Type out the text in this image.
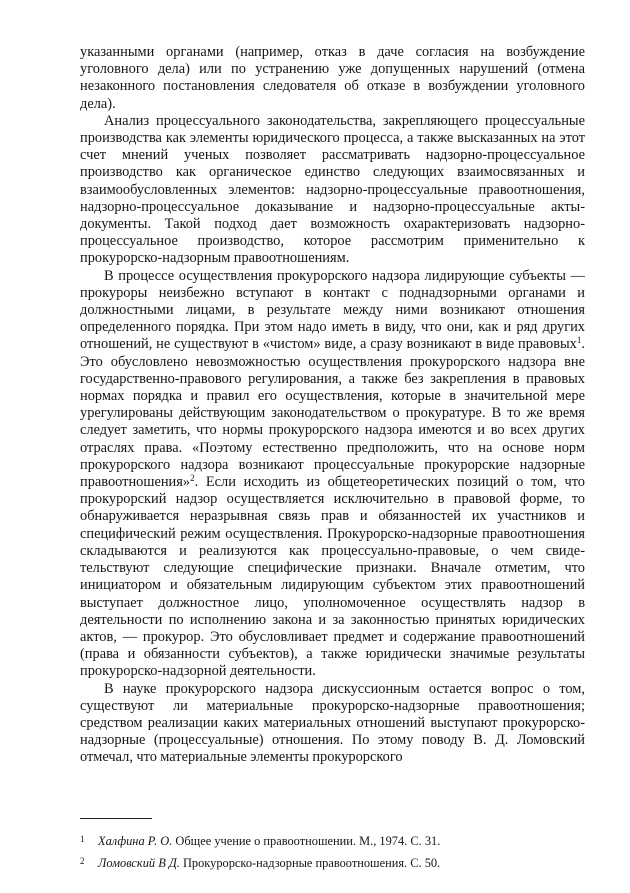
указанными органами (например, отказ в даче согласия на возбуждение уголовного дела) или по устранению уже допущенных нарушений (отмена незаконного постановления следователя об отказе в возбуждении уголовного дела).

Анализ процессуального законодательства, закрепляющего процессуальные производства как элементы юридического процесса, а также высказанных на этот счет мнений ученых позволяет рассматривать надзорно-процессуальное производство как органическое единство следующих взаимосвязанных и взаимообусловленных элементов: надзорно-процессуальные правоотношения, надзорно-процессуальное доказывание и надзорно-процессуальные акты-документы. Такой подход дает возможность охарактеризовать надзорно-процессуальное производство, которое рассмотрим применительно к прокурорско-надзорным правоотношениям.

В процессе осуществления прокурорского надзора лидирующие субъекты — прокуроры неизбежно вступают в контакт с поднадзорными органами и должностными лицами, в результате между ними возникают отношения определенного порядка. При этом надо иметь в виду, что они, как и ряд других отношений, не существуют в «чистом» виде, а сразу возникают в виде правовых$^1$. Это обусловлено невозможностью осуществления прокурорского надзора вне государственно-правового регулирования, а также без закрепления в правовых нормах порядка и правил его осуществления, которые в значительной мере урегулированы действующим законодательством о прокуратуре. В то же время следует заметить, что нормы прокурорского надзора имеются и во всех других отраслях права. «Поэтому естественно предположить, что на основе норм прокурорского надзора возникают процессуальные прокурорские надзорные правоотношения»$^2$. Если исходить из общетеоретических позиций о том, что прокурорский надзор осуществляется исключительно в правовой форме, то обнаруживается неразрывная связь прав и обязанностей их участников и специфический режим осуществления. Прокурорско-надзорные правоотношения складываются и реализуются как процессуально-правовые, о чем свидетельствуют следующие специфические признаки. Вначале отметим, что инициатором и обязательным лидирующим субъектом этих правоотношений выступает должностное лицо, уполномоченное осуществлять надзор в деятельности по исполнению закона и за законностью принятых юридических актов, — прокурор. Это обусловливает предмет и содержание правоотношений (права и обязанности субъектов), а также юридически значимые результаты прокурорско-надзорной деятельности.

В науке прокурорского надзора дискуссионным остается вопрос о том, существуют ли материальные прокурорско-надзорные правоотношения; средством реализации каких материальных отношений выступают прокурорско-надзорные (процессуальные) отношения. По этому поводу В. Д. Ломовский отмечал, что материальные элементы прокурорского

1 Халфина Р. О. Общее учение о правоотношении. М., 1974. С. 31.

2 Ломовский В Д. Прокурорско-надзорные правоотношения. С. 50.
